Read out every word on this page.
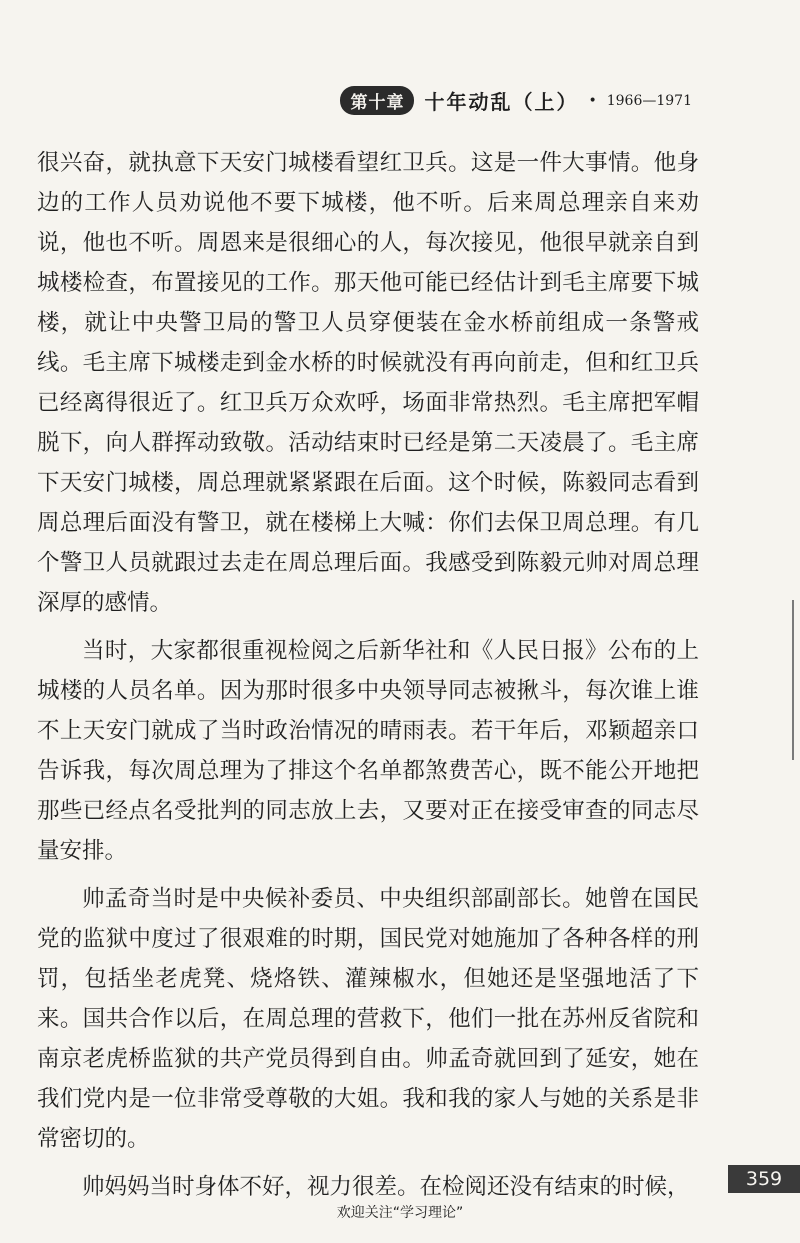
第十章	十年动乱（上） • 1966—1971

很兴奋，就执意下天安门城楼看望红卫兵。这是一件大事情。他身边的工作人员劝说他不要下城楼，他不听。后来周总理亲自来劝说，他也不听。周恩来是很细心的人，每次接见，他很早就亲自到城楼检查，布置接见的工作。那天他可能已经估计到毛主席要下城楼，就让中央警卫局的警卫人员穿便装在金水桥前组成一条警戒线。毛主席下城楼走到金水桥的时候就没有再向前走，但和红卫兵已经离得很近了。红卫兵万众欢呼，场面非常热烈。毛主席把军帽脱下，向人群挥动致敬。活动结束时已经是第二天凌晨了。毛主席下天安门城楼，周总理就紧紧跟在后面。这个时候，陈毅同志看到周总理后面没有警卫，就在楼梯上大喊：你们去保卫周总理。有几个警卫人员就跟过去走在周总理后面。我感受到陈毅元帅对周总理深厚的感情。

当时，大家都很重视检阅之后新华社和《人民日报》公布的上城楼的人员名单。因为那时很多中央领导同志被揪斗，每次谁上谁不上天安门就成了当时政治情况的晴雨表。若干年后，邓颖超亲口告诉我，每次周总理为了排这个名单都煞费苦心，既不能公开地把那些已经点名受批判的同志放上去，又要对正在接受审查的同志尽量安排。

帅孟奇当时是中央候补委员、中央组织部副部长。她曾在国民党的监狱中度过了很艰难的时期，国民党对她施加了各种各样的刑罚，包括坐老虎凳、烧烙铁、灌辣椒水，但她还是坚强地活了下来。国共合作以后，在周总理的营救下，他们一批在苏州反省院和南京老虎桥监狱的共产党员得到自由。帅孟奇就回到了延安，她在我们党内是一位非常受尊敬的大姐。我和我的家人与她的关系是非常密切的。

帅妈妈当时身体不好，视力很差。在检阅还没有结束的时候，	359
欢迎关注“学习理论”
